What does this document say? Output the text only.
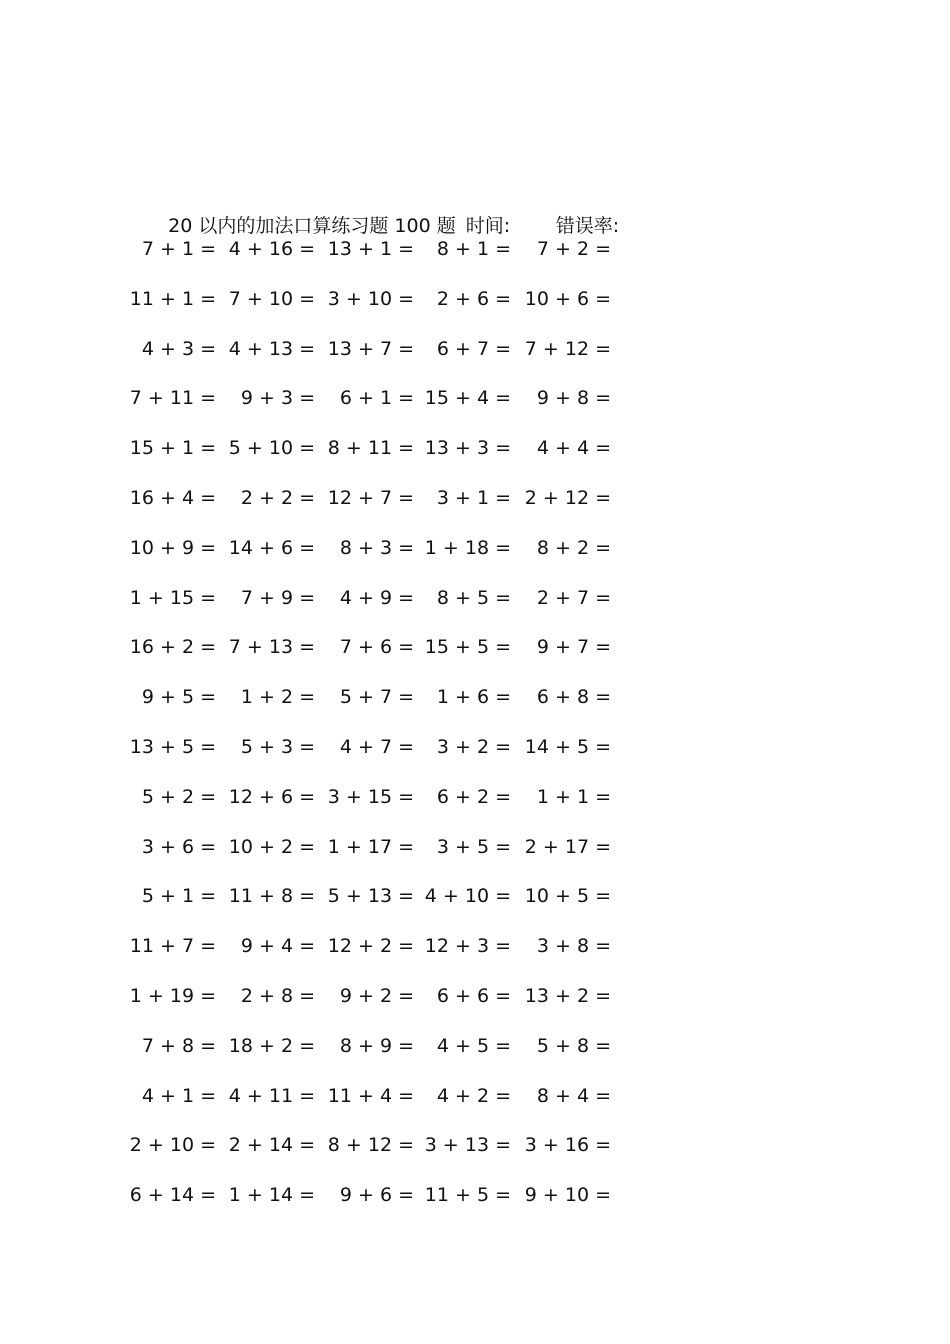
20 以内的加法口算练习题 100 题 时间: 错误率:

7 + 1 = 4 + 16 = 13 + 1 =	8 + 1 =	7 + 2 =
11 + 1 = 7 + 10 = 3 + 10 =	2 + 6 = 10 + 6 =
4 + 3 = 4 + 13 = 13 + 7 =	6 + 7 = 7 + 12 =
7 + 11 =	9 + 3 =	6 + 1 = 15 + 4 =	9 + 8 =
15 + 1 = 5 + 10 = 8 + 11 = 13 + 3 =	4 + 4 =
16 + 4 =	2 + 2 = 12 + 7 =	3 + 1 = 2 + 12 =
10 + 9 = 14 + 6 =	8 + 3 = 1 + 18 =	8 + 2 =
1 + 15 =	7 + 9 =	4 + 9 =	8 + 5 =	2 + 7 =
16 + 2 = 7 + 13 =	7 + 6 = 15 + 5 =	9 + 7 =
9 + 5 =	1 + 2 =	5 + 7 =	1 + 6 =	6 + 8 =
13 + 5 =	5 + 3 =	4 + 7 =	3 + 2 = 14 + 5 =
5 + 2 = 12 + 6 = 3 + 15 =	6 + 2 =	1 + 1 =
3 + 6 = 10 + 2 = 1 + 17 =	3 + 5 = 2 + 17 =
5 + 1 = 11 + 8 = 5 + 13 = 4 + 10 = 10 + 5 =
11 + 7 =	9 + 4 = 12 + 2 = 12 + 3 =	3 + 8 =
1 + 19 =	2 + 8 =	9 + 2 =	6 + 6 = 13 + 2 =
7 + 8 = 18 + 2 =	8 + 9 =	4 + 5 =	5 + 8 =
4 + 1 = 4 + 11 = 11 + 4 =	4 + 2 =	8 + 4 =
2 + 10 = 2 + 14 = 8 + 12 = 3 + 13 = 3 + 16 =
6 + 14 = 1 + 14 =	9 + 6 = 11 + 5 = 9 + 10 =
